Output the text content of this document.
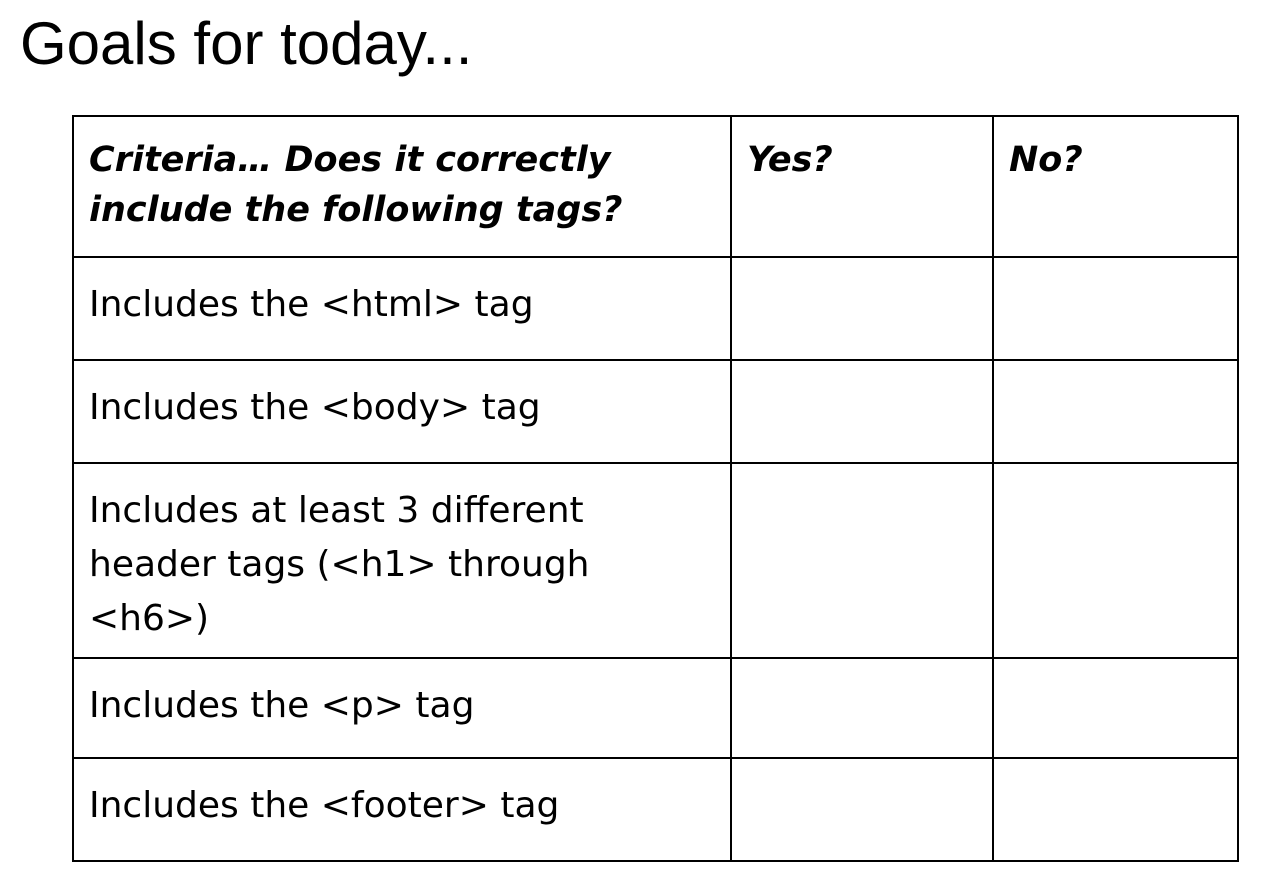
Goals for today...
Criteria… Does it correctly include the following tags?	Yes?	No?

Includes the <html> tag		

Includes the <body> tag		

Includes at least 3 different header tags (<h1> through <h6>)		

Includes the <p> tag		

Includes the <footer> tag		
